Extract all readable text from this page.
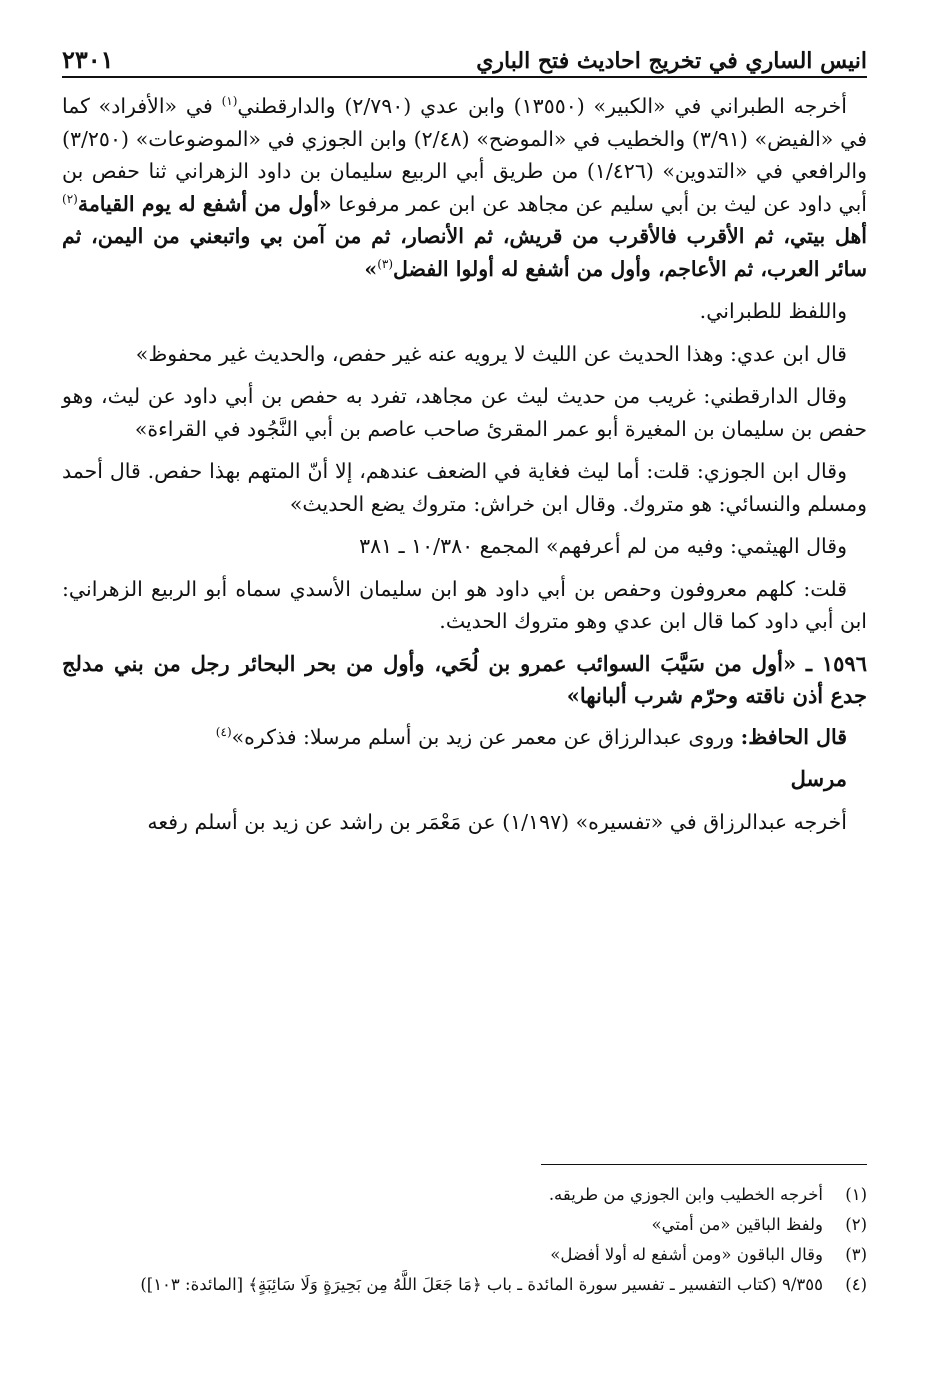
انيس الساري في تخريج احاديث فتح الباري
٢٣٠١

أخرجه الطبراني في «الكبير» (١٣٥٥٠) وابن عدي (٢/٧٩٠) والدارقطني$^{(١)}$ في «الأفراد» كما في «الفيض» (٣/٩١) والخطيب في «الموضح» (٢/٤٨) وابن الجوزي في «الموضوعات» (٣/٢٥٠) والرافعي في «التدوين» (١/٤٢٦) من طريق أبي الربيع سليمان بن داود الزهراني ثنا حفص بن أبي داود عن ليث بن أبي سليم عن مجاهد عن ابن عمر مرفوعا «أول من أشفع له يوم القيامة$^{(٢)}$ أهل بيتي، ثم الأقرب فالأقرب من قريش، ثم الأنصار، ثم من آمن بي واتبعني من اليمن، ثم سائر العرب، ثم الأعاجم، وأول من أشفع له أولوا الفضل$^{(٣)}$»

واللفظ للطبراني.

قال ابن عدي: وهذا الحديث عن الليث لا يرويه عنه غير حفص، والحديث غير محفوظ»

وقال الدارقطني: غريب من حديث ليث عن مجاهد، تفرد به حفص بن أبي داود عن ليث، وهو حفص بن سليمان بن المغيرة أبو عمر المقرئ صاحب عاصم بن أبي النَّجُود في القراءة»

وقال ابن الجوزي: قلت: أما ليث فغاية في الضعف عندهم، إلا أنّ المتهم بهذا حفص. قال أحمد ومسلم والنسائي: هو متروك. وقال ابن خراش: متروك يضع الحديث»

وقال الهيثمي: وفيه من لم أعرفهم» المجمع ١٠/٣٨٠ ـ ٣٨١

قلت: كلهم معروفون وحفص بن أبي داود هو ابن سليمان الأسدي سماه أبو الربيع الزهراني: ابن أبي داود كما قال ابن عدي وهو متروك الحديث.

١٥٩٦ ـ «أول من سَيَّبَ السوائب عمرو بن لُحَي، وأول من بحر البحائر رجل من بني مدلج جدع أذن ناقته وحرّم شرب ألبانها»

قال الحافظ: وروى عبدالرزاق عن معمر عن زيد بن أسلم مرسلا: فذكره»$^{(٤)}$

مرسل

أخرجه عبدالرزاق في «تفسيره» (١/١٩٧) عن مَعْمَر بن راشد عن زيد بن أسلم رفعه

(١)
أخرجه الخطيب وابن الجوزي من طريقه.
(٢)
ولفظ الباقين «من أمتي»
(٣)
وقال الباقون «ومن أشفع له أولا أفضل»
(٤)
٩/٣٥٥ (كتاب التفسير ـ تفسير سورة المائدة ـ باب ﴿مَا جَعَلَ اللَّهُ مِن بَحِيرَةٍ وَلَا سَائِبَةٍ﴾ [المائدة: ١٠٣])
